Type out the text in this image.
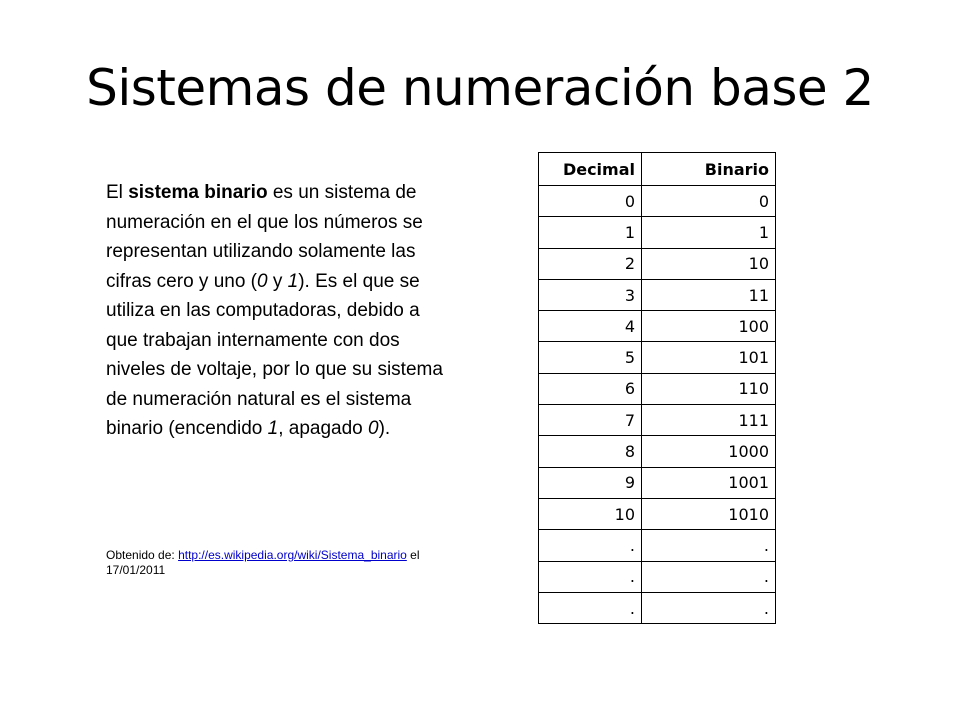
Sistemas de numeración base 2

El sistema binario es un sistema de numeración en el que los números se representan utilizando solamente las cifras cero y uno (0 y 1). Es el que se utiliza en las computadoras, debido a que trabajan internamente con dos niveles de voltaje, por lo que su sistema de numeración natural es el sistema binario (encendido 1, apagado 0).

Obtenido de: http://es.wikipedia.org/wiki/Sistema_binario el 17/01/2011

Decimal	Binario
0	0
1	1
2	10
3	11
4	100
5	101
6	110
7	111
8	1000
9	1001
10	1010
.	.
.	.
.	.
